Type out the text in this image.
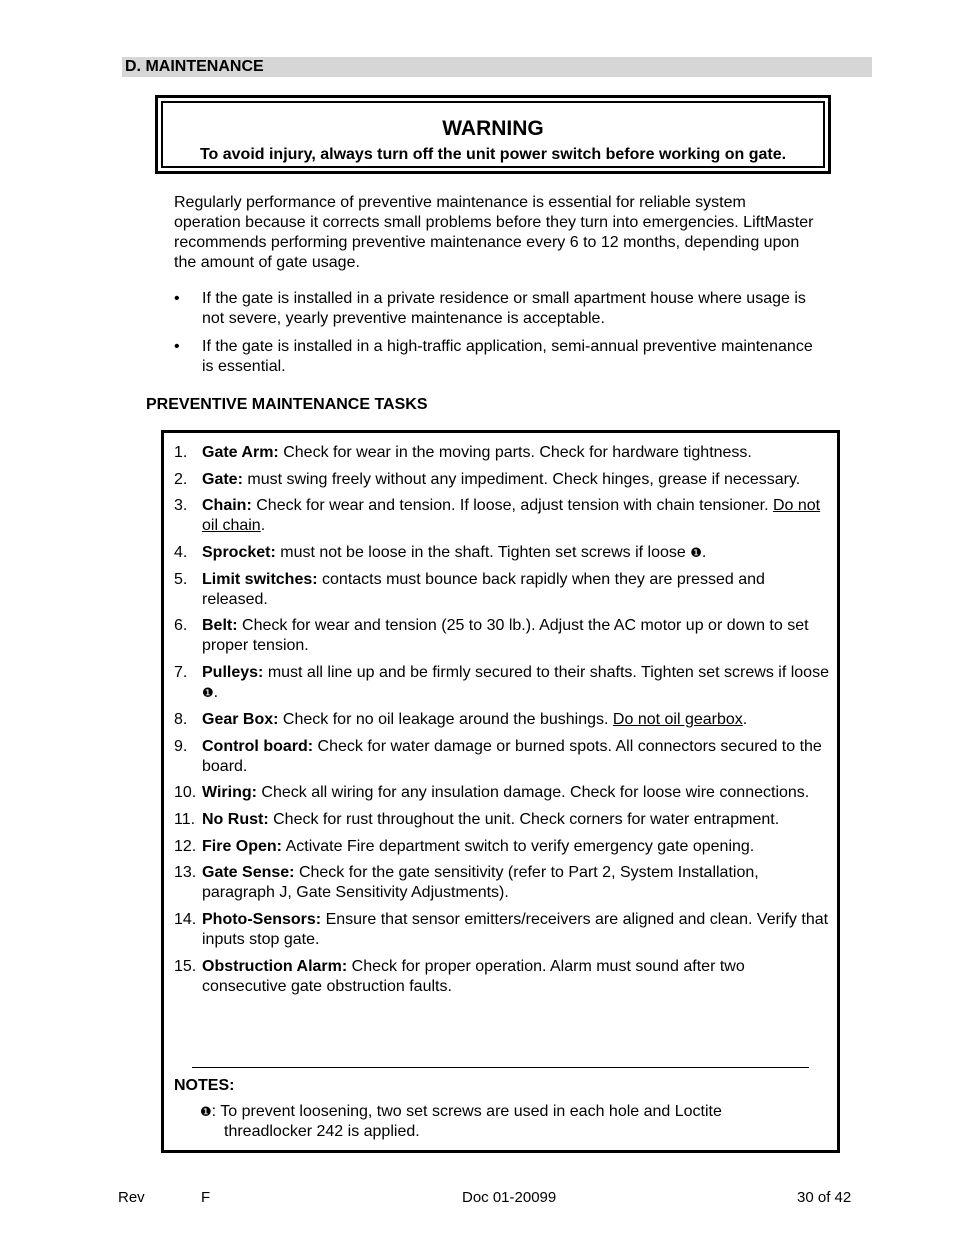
D. MAINTENANCE
WARNING
To avoid injury, always turn off the unit power switch before working on gate.

Regularly performance of preventive maintenance is essential for reliable system operation because it corrects small problems before they turn into emergencies. LiftMaster recommends performing preventive maintenance every 6 to 12 months, depending upon the amount of gate usage.

•	If the gate is installed in a private residence or small apartment house where usage is not severe, yearly preventive maintenance is acceptable.
•	If the gate is installed in a high-traffic application, semi-annual preventive maintenance is essential.

PREVENTIVE MAINTENANCE TASKS

1. Gate Arm: Check for wear in the moving parts. Check for hardware tightness.
2. Gate: must swing freely without any impediment. Check hinges, grease if necessary.
3. Chain: Check for wear and tension. If loose, adjust tension with chain tensioner. Do not oil chain.
4. Sprocket: must not be loose in the shaft. Tighten set screws if loose ❶.
5. Limit switches: contacts must bounce back rapidly when they are pressed and released.
6. Belt: Check for wear and tension (25 to 30 lb.). Adjust the AC motor up or down to set proper tension.
7. Pulleys: must all line up and be firmly secured to their shafts. Tighten set screws if loose ❶.
8. Gear Box: Check for no oil leakage around the bushings. Do not oil gearbox.
9. Control board: Check for water damage or burned spots. All connectors secured to the board.
10. Wiring: Check all wiring for any insulation damage. Check for loose wire connections.
11. No Rust: Check for rust throughout the unit. Check corners for water entrapment.
12. Fire Open: Activate Fire department switch to verify emergency gate opening.
13. Gate Sense: Check for the gate sensitivity (refer to Part 2, System Installation, paragraph J, Gate Sensitivity Adjustments).
14. Photo-Sensors: Ensure that sensor emitters/receivers are aligned and clean. Verify that inputs stop gate.
15. Obstruction Alarm: Check for proper operation. Alarm must sound after two consecutive gate obstruction faults.
NOTES:
❶: To prevent loosening, two set screws are used in each hole and Loctite
threadlocker 242 is applied.
Rev	F	Doc 01-20099	30 of 42
